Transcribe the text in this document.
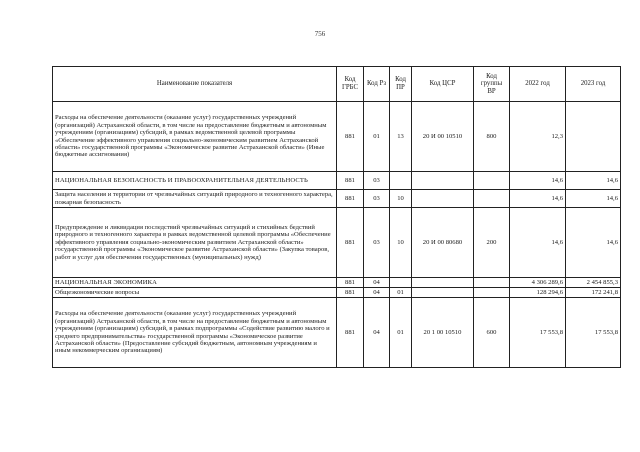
756
Наименование показателя	Код ГРБС	Код Рз	Код ПР	Код ЦСР	Код группы ВР	2022 год	2023 год
Расходы на обеспечение деятельности (оказание услуг) государственных учреждений (организаций) Астраханской области, в том числе на предоставление бюджетным и автономным учреждениям (организациям) субсидий, в рамках ведомственной целевой программы «Обеспечение эффективного управления социально-экономическим развитием Астраханской области» государственной программы «Экономическое развитие Астраханской области» (Иные бюджетные ассигнования)	881	01	13	20 И 00 10510	800	12,3	
НАЦИОНАЛЬНАЯ БЕЗОПАСНОСТЬ И ПРАВООХРАНИТЕЛЬНАЯ ДЕЯТЕЛЬНОСТЬ	881	03				14,6	14,6
Защита населения и территории от чрезвычайных ситуаций природного и техногенного характера, пожарная безопасность	881	03	10			14,6	14,6
Предупреждение и ликвидация последствий чрезвычайных ситуаций и стихийных бедствий природного и техногенного характера в рамках ведомственной целевой программы «Обеспечение эффективного управления социально-экономическим развитием Астраханской области» государственной программы «Экономическое развитие Астраханской области» (Закупка товаров, работ и услуг для обеспечения государственных (муниципальных) нужд)	881	03	10	20 И 00 80680	200	14,6	14,6
НАЦИОНАЛЬНАЯ ЭКОНОМИКА	881	04				4 306 289,6	2 454 855,3
Общеэкономические вопросы	881	04	01			128 294,6	172 241,8
Расходы на обеспечение деятельности (оказание услуг) государственных учреждений (организаций) Астраханской области, в том числе на предоставление бюджетным и автономным учреждениям (организациям) субсидий, в рамках подпрограммы «Содействие развитию малого и среднего предпринимательства» государственной программы «Экономическое развитие Астраханской области» (Предоставление субсидий бюджетным, автономным учреждениям и иным некоммерческим организациям)	881	04	01	20 1 00 10510	600	17 553,8	17 553,8
